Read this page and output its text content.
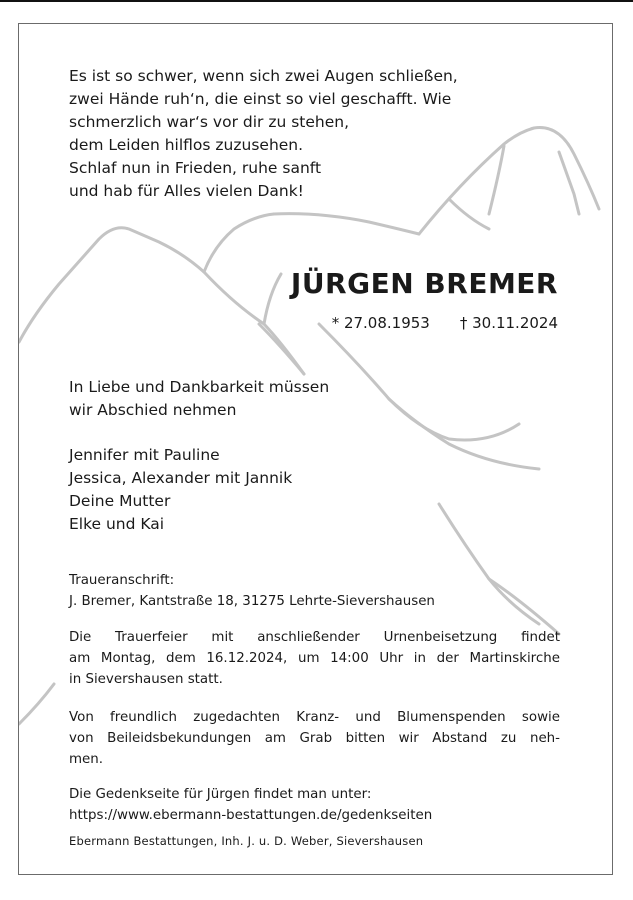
Es ist so schwer, wenn sich zwei Augen schließen,
zwei Hände ruh‘n, die einst so viel geschafft. Wie
schmerzlich war‘s vor dir zu stehen,
dem Leiden hilflos zuzusehen.
Schlaf nun in Frieden, ruhe sanft
und hab für Alles vielen Dank!
JÜRGEN BREMER
* 27.08.1953 † 30.11.2024
In Liebe und Dankbarkeit müssen
wir Abschied nehmen
Jennifer mit Pauline
Jessica, Alexander mit Jannik
Deine Mutter
Elke und Kai
Traueranschrift:
J. Bremer, Kantstraße 18, 31275 Lehrte-Sievershausen
Die Trauerfeier mit anschließender Urnenbeisetzung findet
am Montag, dem 16.12.2024, um 14:00 Uhr in der Martinskirche
in Sievershausen statt.
Von freundlich zugedachten Kranz- und Blumenspenden sowie
von Beileidsbekundungen am Grab bitten wir Abstand zu neh-
men.
Die Gedenkseite für Jürgen findet man unter:
https://www.ebermann-bestattungen.de/gedenkseiten
Ebermann Bestattungen, Inh. J. u. D. Weber, Sievershausen
